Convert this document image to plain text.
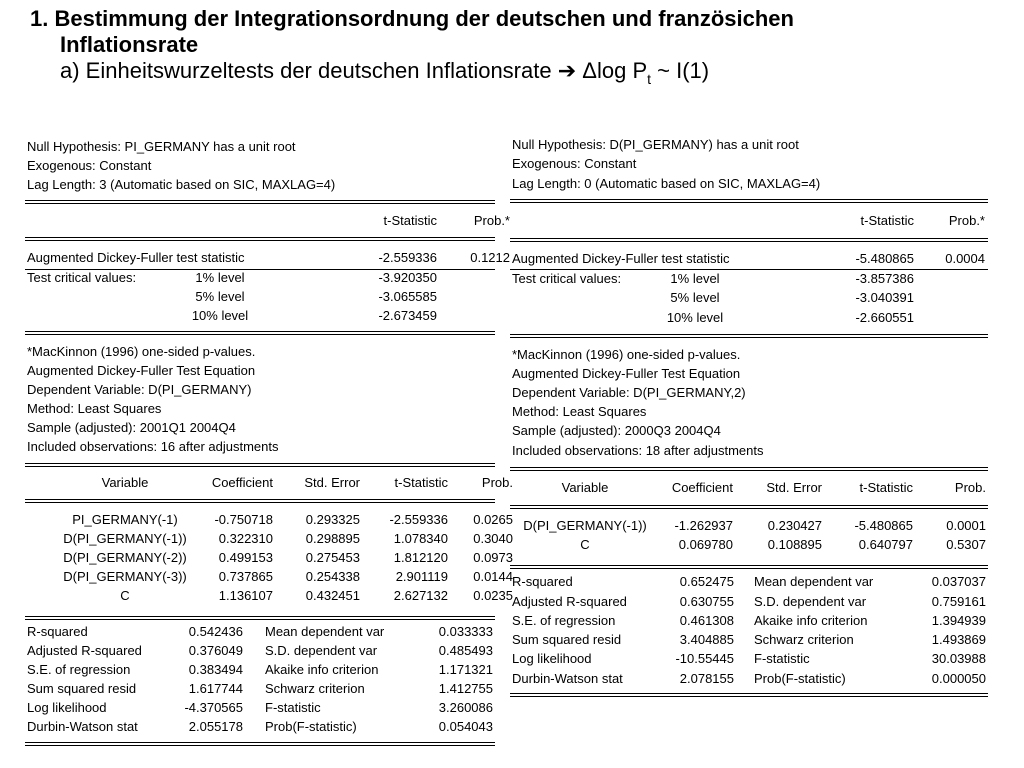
1. Bestimmung der Integrationsordnung der deutschen und französichen
Inflationsrate
a) Einheitswurzeltests der deutschen Inflationsrate ➔ Δlog $P_t$ ~ I(1)
Null Hypothesis: PI_GERMANY has a unit root
Exogenous: Constant
Lag Length: 3 (Automatic based on SIC, MAXLAG=4)
t-Statistic	Prob.*
Augmented Dickey-Fuller test statistic	-2.559336	0.1212
Test critical values:	1% level	-3.920350
5% level	-3.065585
10% level	-2.673459
*MacKinnon (1996) one-sided p-values.
Augmented Dickey-Fuller Test Equation
Dependent Variable: D(PI_GERMANY)
Method: Least Squares
Sample (adjusted): 2001Q1 2004Q4
Included observations: 16 after adjustments
Variable	Coefficient	Std. Error	t-Statistic	Prob.
PI_GERMANY(-1)	-0.750718	0.293325	-2.559336	0.0265
D(PI_GERMANY(-1))	0.322310	0.298895	1.078340	0.3040
D(PI_GERMANY(-2))	0.499153	0.275453	1.812120	0.0973
D(PI_GERMANY(-3))	0.737865	0.254338	2.901119	0.0144
C	1.136107	0.432451	2.627132	0.0235
R-squared	0.542436 Mean dependent var	0.033333
Adjusted R-squared	0.376049 S.D. dependent var	0.485493
S.E. of regression	0.383494 Akaike info criterion	1.171321
Sum squared resid	1.617744 Schwarz criterion	1.412755
Log likelihood	-4.370565 F-statistic	3.260086
Durbin-Watson stat	2.055178 Prob(F-statistic)	0.054043
Null Hypothesis: D(PI_GERMANY) has a unit root
Exogenous: Constant
Lag Length: 0 (Automatic based on SIC, MAXLAG=4)
t-Statistic	Prob.*
Augmented Dickey-Fuller test statistic	-5.480865	0.0004
Test critical values:	1% level	-3.857386
5% level	-3.040391
10% level	-2.660551
*MacKinnon (1996) one-sided p-values.
Augmented Dickey-Fuller Test Equation
Dependent Variable: D(PI_GERMANY,2)
Method: Least Squares
Sample (adjusted): 2000Q3 2004Q4
Included observations: 18 after adjustments
Variable	Coefficient	Std. Error	t-Statistic	Prob.
D(PI_GERMANY(-1))	-1.262937	0.230427	-5.480865	0.0001
C	0.069780	0.108895	0.640797	0.5307
R-squared	0.652475 Mean dependent var	0.037037
Adjusted R-squared	0.630755 S.D. dependent var	0.759161
S.E. of regression	0.461308 Akaike info criterion	1.394939
Sum squared resid	3.404885 Schwarz criterion	1.493869
Log likelihood	-10.55445 F-statistic	30.03988
Durbin-Watson stat	2.078155 Prob(F-statistic)	0.000050
